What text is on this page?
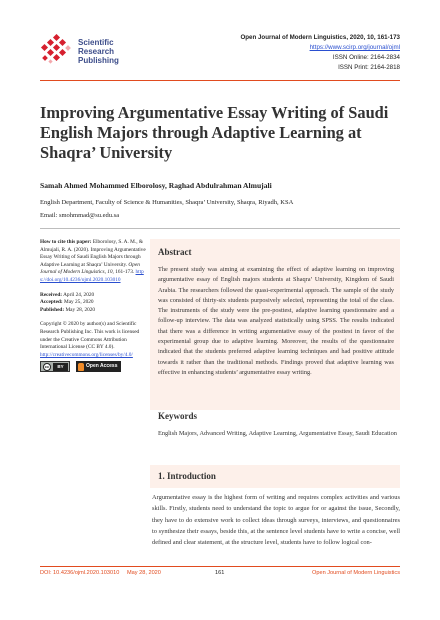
Scientific
Research
Publishing
Open Journal of Modern Linguistics, 2020, 10, 161-173
https://www.scirp.org/journal/ojml
ISSN Online: 2164-2834
ISSN Print: 2164-2818
Improving Argumentative Essay Writing of Saudi English Majors through Adaptive Learning at Shaqra’ University
Samah Ahmed Mohammed Elborolosy, Raghad Abdulrahman Almujali
English Department, Faculty of Science & Humanities, Shaqra’ University, Shaqra, Riyadh, KSA
Email: smohmmad@su.edu.sa
How to cite this paper: Elborolosy, S. A. M., & Almujali, R. A. (2020). Improving Argumentative Essay Writing of Saudi English Majors through Adaptive Learning at Shaqra’ University. Open Journal of Modern Linguistics, 10, 161-173. https://doi.org/10.4236/ojml.2020.103010
Received: April 24, 2020
Accepted: May 25, 2020
Published: May 28, 2020
Copyright © 2020 by author(s) and Scientific Research Publishing Inc. This work is licensed under the Creative Commons Attribution International License (CC BY 4.0).
http://creativecommons.org/licenses/by/4.0/
cc	BY	Open Access
Abstract
The present study was aiming at examining the effect of adaptive learning on improving argumentative essay of English majors students at Shaqra’ University, Kingdom of Saudi Arabia. The researchers followed the quasi-experimental approach. The sample of the study was consisted of thirty-six students purposively selected, representing the total of the class. The instruments of the study were the pre-posttest, adaptive learning questionnaire and a follow-up interview. The data was analyzed statistically using SPSS. The results indicated that there was a difference in writing argumentative essay of the posttest in favor of the experimental group due to adaptive learning. Moreover, the results of the questionnaire indicated that the students preferred adaptive learning techniques and had positive attitude towards it rather than the traditional methods. Findings proved that adaptive learning was effective in enhancing students’ argumentative essay writing.
Keywords
English Majors, Advanced Writing, Adaptive Learning, Argumentative Essay, Saudi Education
1. Introduction
Argumentative essay is the highest form of writing and requires complex activities and various skills. Firstly, students need to understand the topic to argue for or against the issue, Secondly, they have to do extensive work to collect ideas through surveys, interviews, and questionnaires to synthesize their essays, beside this, at the sentence level students have to write a concise, well defined and clear statement, at the structure level, students have to follow logical con-
DOI: 10.4236/ojml.2020.103010 May 28, 2020	161	Open Journal of Modern Linguistics
